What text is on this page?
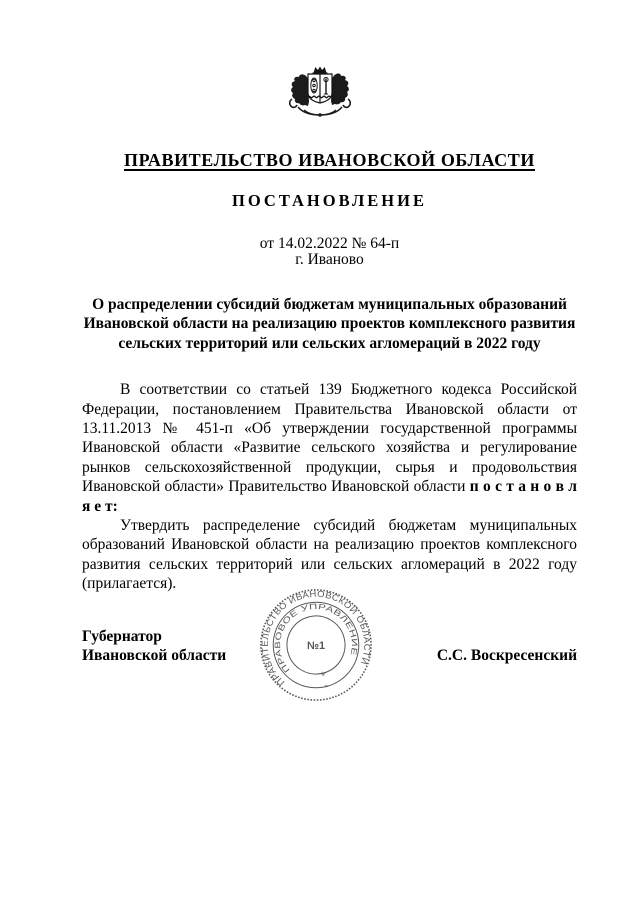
ПРАВИТЕЛЬСТВО ИВАНОВСКОЙ ОБЛАСТИ
ПОСТАНОВЛЕНИЕ
от 14.02.2022 № 64-п
г. Иваново
О распределении субсидий бюджетам муниципальных образований Ивановской области на реализацию проектов комплексного развития сельских территорий или сельских агломераций в 2022 году

В соответствии со статьей 139 Бюджетного кодекса Российской Федерации, постановлением Правительства Ивановской области от 13.11.2013 № 451-п «Об утверждении государственной программы Ивановской области «Развитие сельского хозяйства и регулирование рынков сельскохозяйственной продукции, сырья и продовольствия Ивановской области» Правительство Ивановской области п о с т а н о в л я е т:

Утвердить распределение субсидий бюджетам муниципальных образований Ивановской области на реализацию проектов комплексного развития сельских территорий или сельских агломераций в 2022 году (прилагается).

Губернатор
Ивановской области	С.С. Воскресенский
ПРАВИТЕЛЬСТВО ИВАНОВСКОЙ ОБЛАСТИ
ПРАВОВОЕ УПРАВЛЕНИЕ
✳
×
№1
